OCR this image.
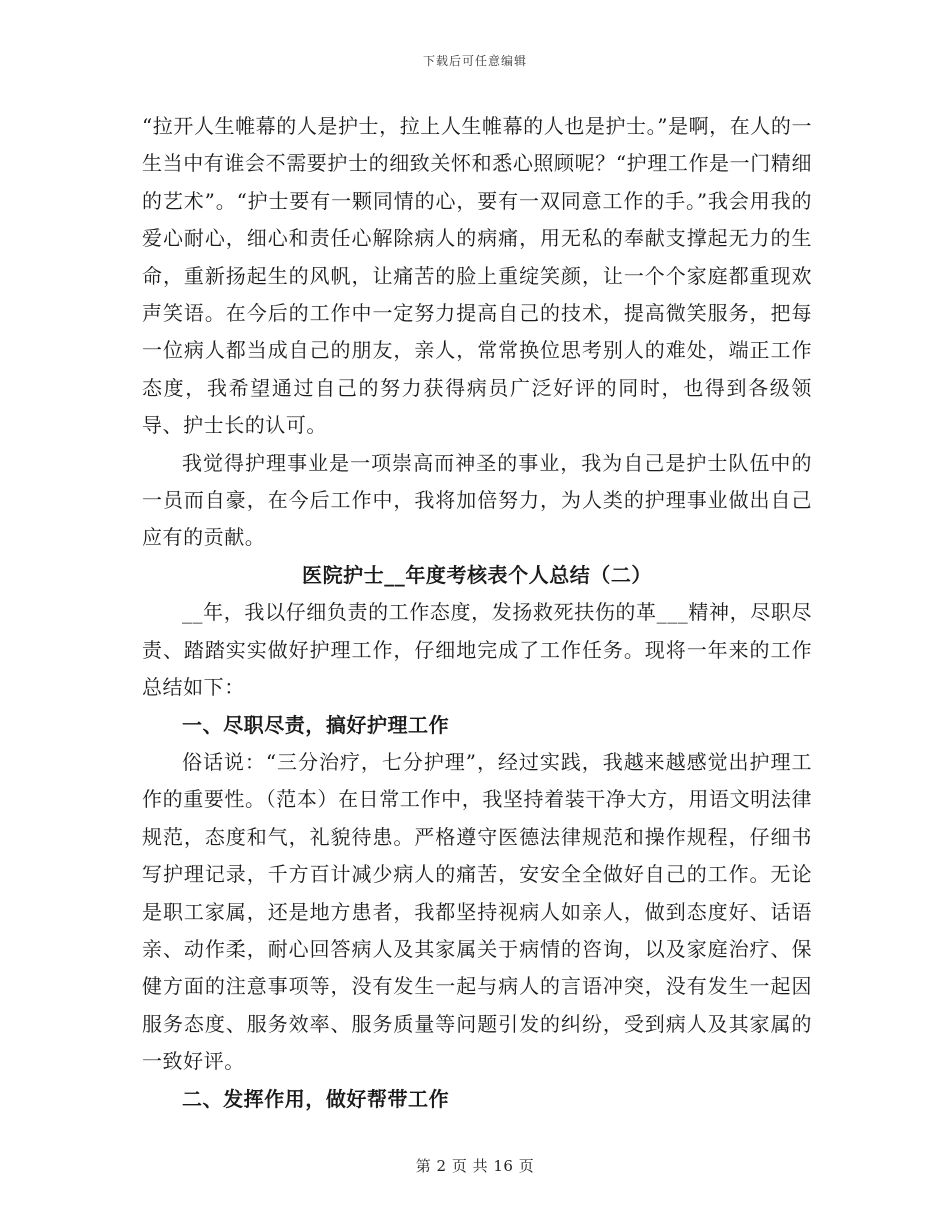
下载后可任意编辑

“拉开人生帷幕的人是护士，拉上人生帷幕的人也是护士。”是啊，在人的一生当中有谁会不需要护士的细致关怀和悉心照顾呢？“护理工作是一门精细的艺术”。“护士要有一颗同情的心，要有一双同意工作的手。”我会用我的爱心耐心，细心和责任心解除病人的病痛，用无私的奉献支撑起无力的生命，重新扬起生的风帆，让痛苦的脸上重绽笑颜，让一个个家庭都重现欢声笑语。在今后的工作中一定努力提高自己的技术，提高微笑服务，把每一位病人都当成自己的朋友，亲人，常常换位思考别人的难处，端正工作态度，我希望通过自己的努力获得病员广泛好评的同时，也得到各级领导、护士长的认可。

我觉得护理事业是一项崇高而神圣的事业，我为自己是护士队伍中的一员而自豪，在今后工作中，我将加倍努力，为人类的护理事业做出自己应有的贡献。

医院护士__年度考核表个人总结（二）

__年，我以仔细负责的工作态度，发扬救死扶伤的革___精神，尽职尽责、踏踏实实做好护理工作，仔细地完成了工作任务。现将一年来的工作总结如下：

一、尽职尽责，搞好护理工作

俗话说：“三分治疗，七分护理”，经过实践，我越来越感觉出护理工作的重要性。（范本）在日常工作中，我坚持着装干净大方，用语文明法律规范，态度和气，礼貌待患。严格遵守医德法律规范和操作规程，仔细书写护理记录，千方百计减少病人的痛苦，安安全全做好自己的工作。无论是职工家属，还是地方患者，我都坚持视病人如亲人，做到态度好、话语亲、动作柔，耐心回答病人及其家属关于病情的咨询，以及家庭治疗、保健方面的注意事项等，没有发生一起与病人的言语冲突，没有发生一起因服务态度、服务效率、服务质量等问题引发的纠纷，受到病人及其家属的一致好评。

二、发挥作用，做好帮带工作

第 2 页 共 16 页
